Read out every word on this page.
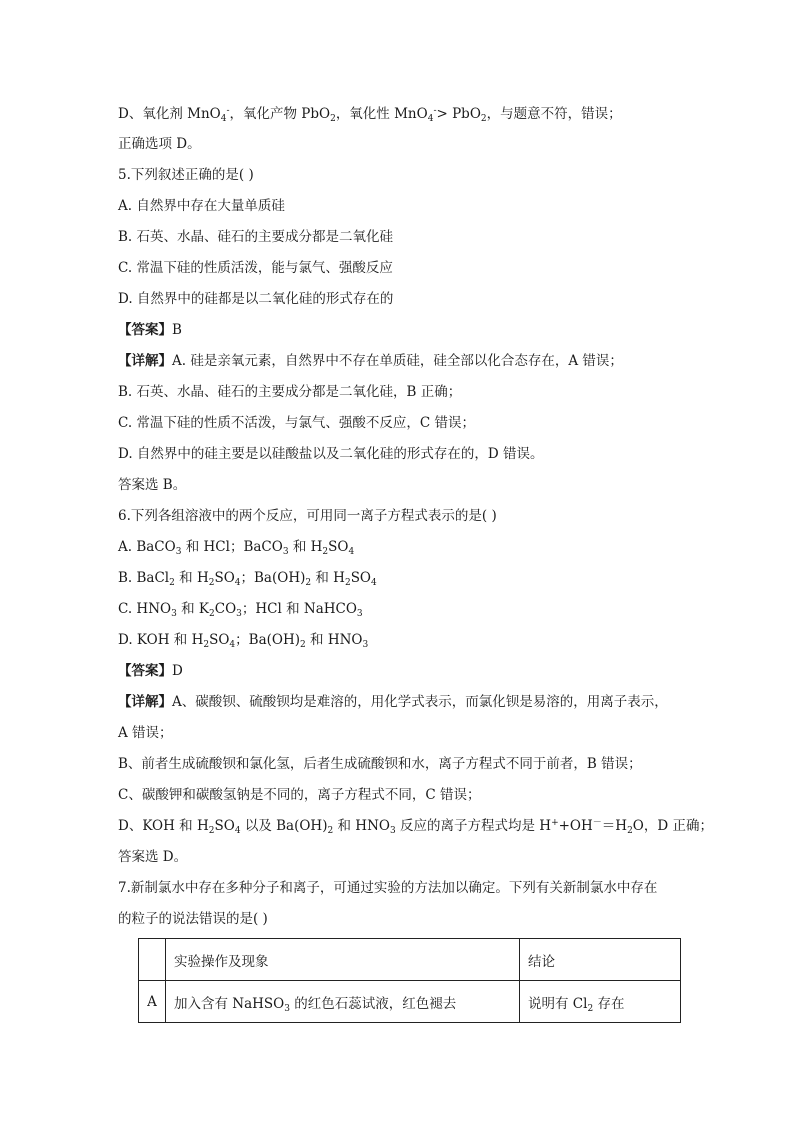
D、氧化剂 MnO$_4$-，氧化产物 PbO$_2$，氧化性 MnO$_4$-> PbO$_2$，与题意不符，错误；
正确选项 D。
5.下列叙述正确的是( )
A. 自然界中存在大量单质硅
B. 石英、水晶、硅石的主要成分都是二氧化硅
C. 常温下硅的性质活泼，能与氯气、强酸反应
D. 自然界中的硅都是以二氧化硅的形式存在的
【答案】B
【详解】A. 硅是亲氧元素，自然界中不存在单质硅，硅全部以化合态存在，A 错误；
B. 石英、水晶、硅石的主要成分都是二氧化硅，B 正确；
C. 常温下硅的性质不活泼，与氯气、强酸不反应，C 错误；
D. 自然界中的硅主要是以硅酸盐以及二氧化硅的形式存在的，D 错误。
答案选 B。
6.下列各组溶液中的两个反应，可用同一离子方程式表示的是( )
A. BaCO$_3$ 和 HCl；BaCO$_3$ 和 $H_2SO_4$
B. BaCl$_2$ 和 $H_2SO_4$；$Ba(OH)_2$ 和 $H_2SO_4$
C. $HNO_3$ 和 $K_2CO_3$；HCl 和 NaHCO$_3$
D. KOH 和 $H_2SO_4$；$Ba(OH)_2$ 和 $HNO_3$
【答案】D
【详解】A、碳酸钡、硫酸钡均是难溶的，用化学式表示，而氯化钡是易溶的，用离子表示，
A 错误；
B、前者生成硫酸钡和氯化氢，后者生成硫酸钡和水，离子方程式不同于前者，B 错误；
C、碳酸钾和碳酸氢钠是不同的，离子方程式不同，C 错误；
D、KOH 和 $H_2SO_4$ 以及 $Ba(OH)_2$ 和 $HNO_3$ 反应的离子方程式均是 $H^++OH^-=H_2O$，D 正确；
答案选 D。
7.新制氯水中存在多种分子和离子，可通过实验的方法加以确定。下列有关新制氯水中存在
的粒子的说法错误的是( )
	实验操作及现象	结论
A	加入含有 NaHSO$_3$ 的红色石蕊试液，红色褪去	说明有 $Cl_2$ 存在
